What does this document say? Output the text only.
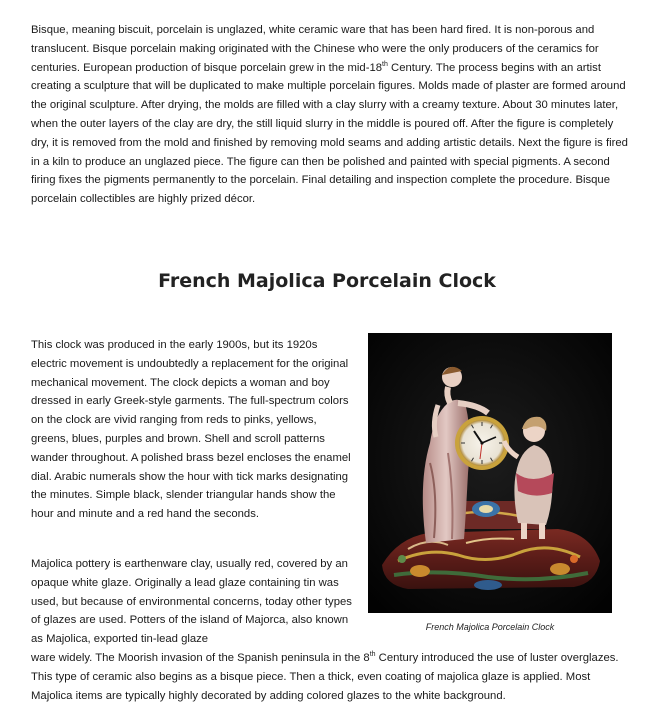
Bisque, meaning biscuit, porcelain is unglazed, white ceramic ware that has been hard fired. It is non-porous and translucent. Bisque porcelain making originated with the Chinese who were the only producers of the ceramics for centuries. European production of bisque porcelain grew in the mid-18th Century. The process begins with an artist creating a sculpture that will be duplicated to make multiple porcelain figures. Molds made of plaster are formed around the original sculpture. After drying, the molds are filled with a clay slurry with a creamy texture. About 30 minutes later, when the outer layers of the clay are dry, the still liquid slurry in the middle is poured off. After the figure is completely dry, it is removed from the mold and finished by removing mold seams and adding artistic details. Next the figure is fired in a kiln to produce an unglazed piece. The figure can then be polished and painted with special pigments. A second firing fixes the pigments permanently to the porcelain. Final detailing and inspection complete the procedure. Bisque porcelain collectibles are highly prized décor.

French Majolica Porcelain Clock

This clock was produced in the early 1900s, but its 1920s electric movement is undoubtedly a replacement for the original mechanical movement. The clock depicts a woman and boy dressed in early Greek-style garments. The full-spectrum colors on the clock are vivid ranging from reds to pinks, yellows, greens, blues, purples and brown. Shell and scroll patterns wander throughout. A polished brass bezel encloses the enamel dial. Arabic numerals show the hour with tick marks designating the minutes. Simple black, slender triangular hands show the hour and minute and a red hand the seconds.

Majolica pottery is earthenware clay, usually red, covered by an opaque white glaze. Originally a lead glaze containing tin was used, but because of environmental concerns, today other types of glazes are used. Potters of the island of Majorca, also known as Majolica, exported tin-lead glaze

ware widely. The Moorish invasion of the Spanish peninsula in the 8th Century introduced the use of luster overglazes. This type of ceramic also begins as a bisque piece. Then a thick, even coating of majolica glaze is applied. Most Majolica items are typically highly decorated by adding colored glazes to the white background.

French Majolica Porcelain Clock
